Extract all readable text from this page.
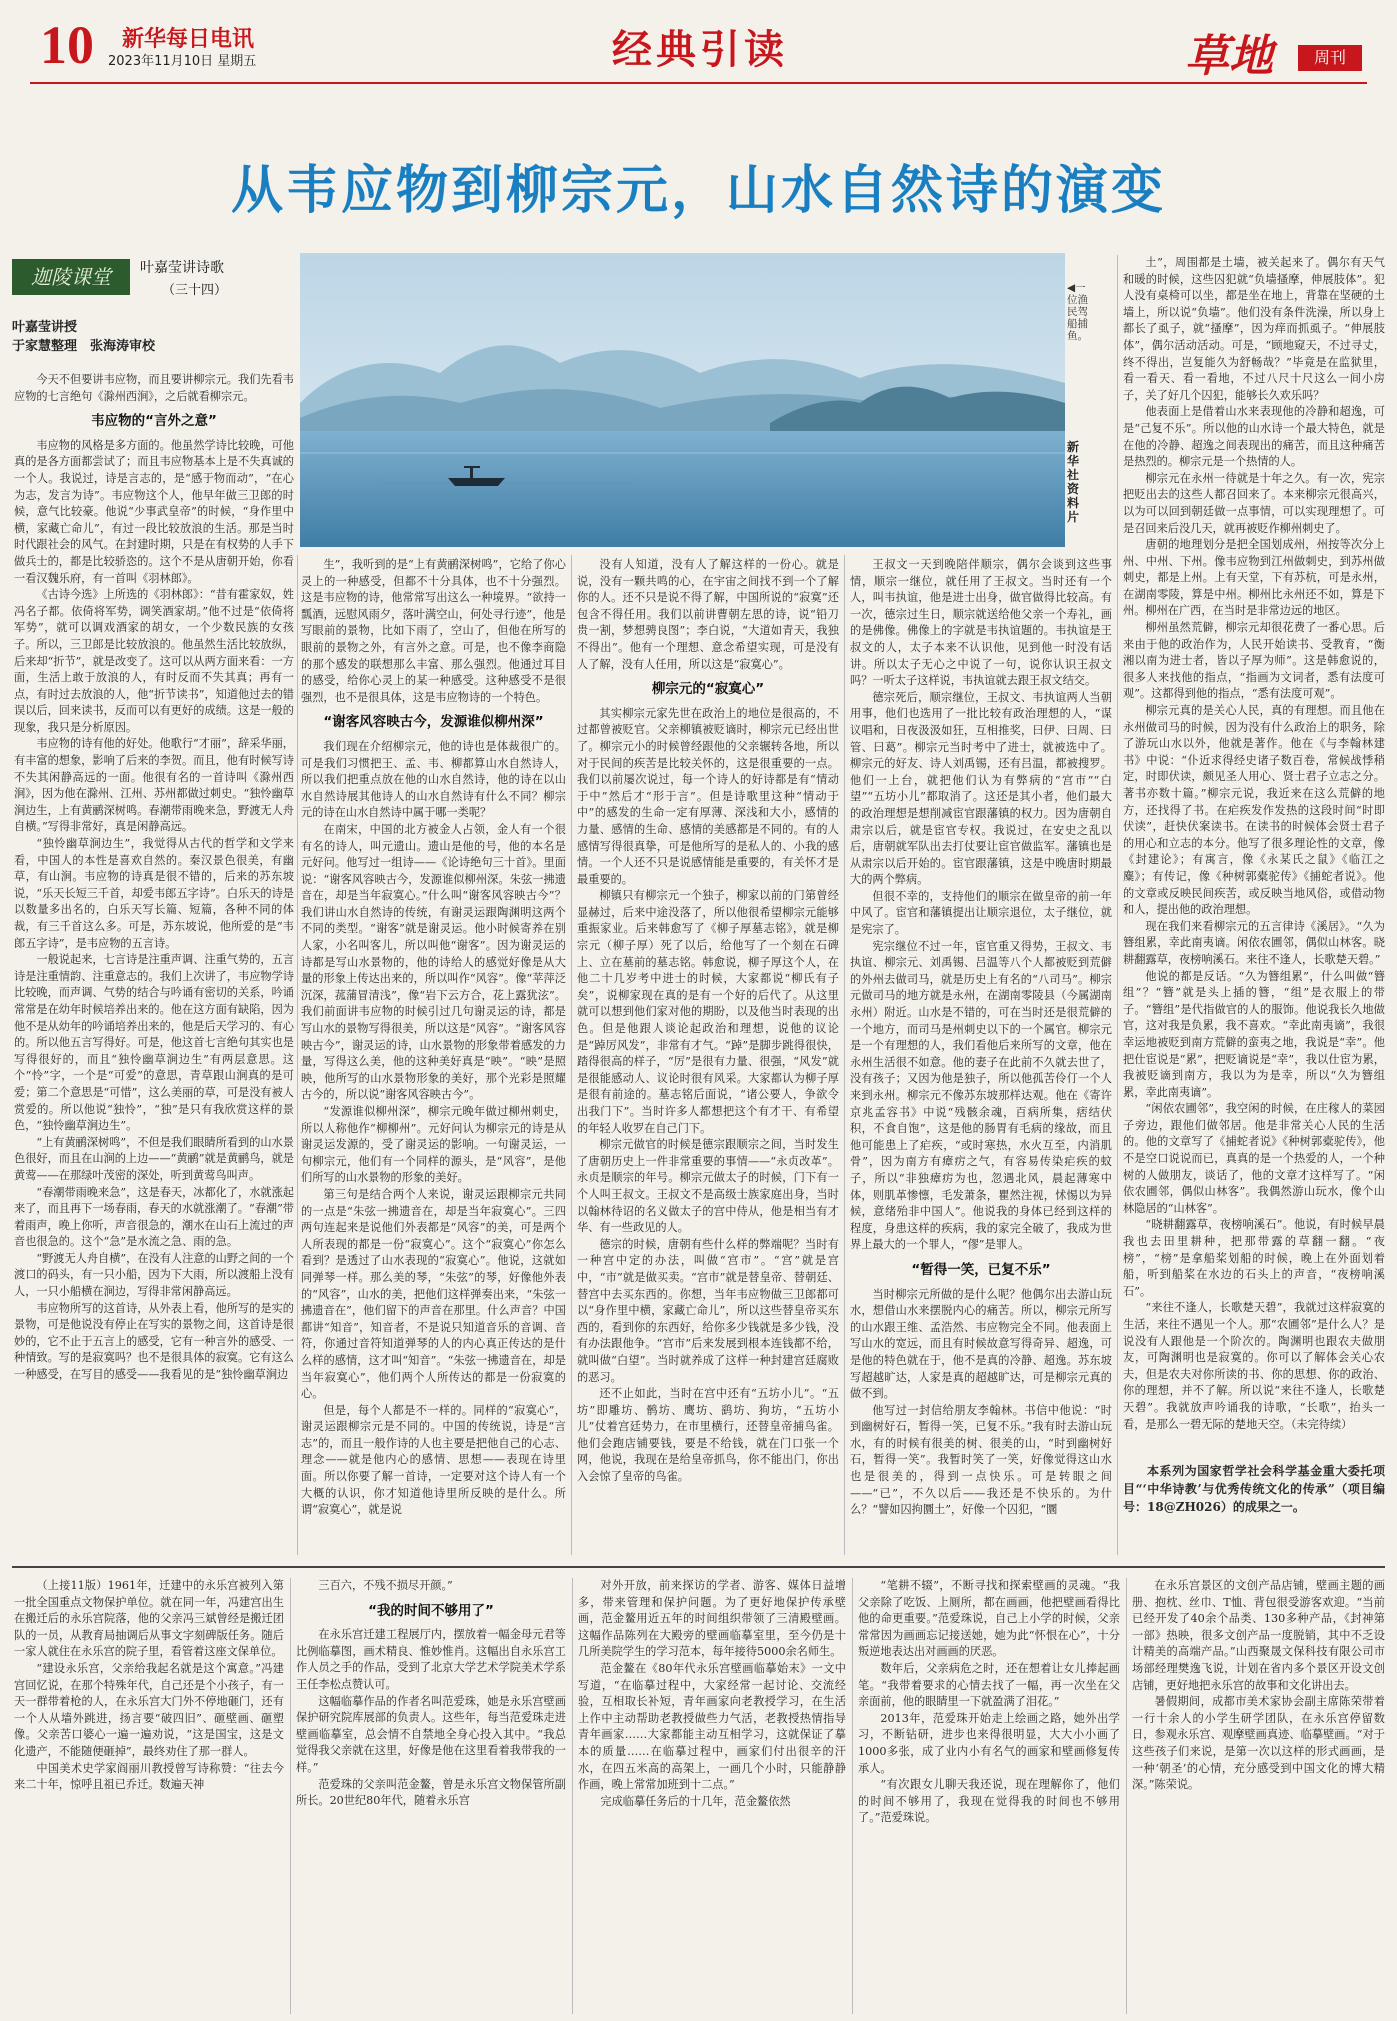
10 新华每日电讯
2023年11月10日 星期五	经典引读	草地	周刊
从韦应物到柳宗元，山水自然诗的演变
迦陵课堂	叶嘉莹讲诗歌
（三十四）
叶嘉莹讲授
于家慧整理　张海涛审校
◀一位渔民驾船捕鱼。
新华社资料片

今天不但要讲韦应物，而且要讲柳宗元。我们先看韦应物的七言绝句《滁州西涧》，之后就看柳宗元。

韦应物的“言外之意”

韦应物的风格是多方面的。他虽然学诗比较晚，可他真的是各方面都尝试了；而且韦应物基本上是不失真诚的一个人。我说过，诗是言志的，是“感于物而动”，“在心为志，发言为诗”。韦应物这个人，他早年做三卫郎的时候，意气比较豪。他说“少事武皇帝”的时候，“身作里中横，家藏亡命儿”，有过一段比较放浪的生活。那是当时时代跟社会的风气。在封建时期，只是在有权势的人手下做兵士的，都是比较骄恣的。这个不是从唐朝开始，你看一看汉魏乐府，有一首叫《羽林郎》。

《古诗今选》上所选的《羽林郎》：“昔有霍家奴，姓冯名子都。依倚将军势，调笑酒家胡。”他不过是“依倚将军势”，就可以调戏酒家的胡女，一个少数民族的女孩子。所以，三卫郎是比较放浪的。他虽然生活比较放纵，后来却“折节”，就是改变了。这可以从两方面来看：一方面，生活上敢于放浪的人，有时反而不失其真；再有一点，有时过去放浪的人，他“折节读书”，知道他过去的错误以后，回来读书，反而可以有更好的成绩。这是一般的现象，我只是分析原因。

韦应物的诗有他的好处。他歌行“才丽”，辞采华丽，有丰富的想象，影响了后来的李贺。而且，他有时候写诗不失其闲静高远的一面。他很有名的一首诗叫《滁州西涧》，因为他在滁州、江州、苏州都做过刺史。“独怜幽草涧边生，上有黄鹂深树鸣。春潮带雨晚来急，野渡无人舟自横。”写得非常好，真是闲静高远。

“独怜幽草涧边生”，我觉得从古代的哲学和文学来看，中国人的本性是喜欢自然的。秦汉景色很美，有幽草，有山涧。韦应物的诗真是很不错的，后来的苏东坡说，“乐天长短三千首，却爱韦郎五字诗”。白乐天的诗是以数量多出名的，白乐天写长篇、短篇，各种不同的体裁，有三千首这么多。可是，苏东坡说，他所爱的是“韦郎五字诗”，是韦应物的五言诗。

一般说起来，七言诗是注重声调、注重气势的，五言诗是注重情韵、注重意志的。我们上次讲了，韦应物学诗比较晚，而声调、气势的结合与吟诵有密切的关系，吟诵常常是在幼年时候培养出来的。他在这方面有缺陷，因为他不是从幼年的吟诵培养出来的，他是后天学习的、有心的。所以他五言写得好。可是，他这首七言绝句其实也是写得很好的，而且“独怜幽草涧边生”有两层意思。这个“怜”字，一个是“可爱”的意思，青草跟山涧真的是可爱；第二个意思是“可惜”，这么美丽的草，可是没有被人赏爱的。所以他说“独怜”，“独”是只有我欣赏这样的景色，“独怜幽草涧边生”。

“上有黄鹂深树鸣”，不但是我们眼睛所看到的山水景色很好，而且在山涧的上边——“黄鹂”就是黄鹂鸟，就是黄莺——在那绿叶茂密的深处，听到黄莺鸟叫声。

“春潮带雨晚来急”，这是春天，冰都化了，水就涨起来了，而且再下一场春雨，春天的水就涨潮了。“春潮”带着雨声，晚上你听，声音很急的，潮水在山石上流过的声音也很急的。这个“急”是水流之急、雨的急。

“野渡无人舟自横”，在没有人注意的山野之间的一个渡口的码头，有一只小船，因为下大雨，所以渡船上没有人，一只小船横在涧边，写得非常闲静高远。

韦应物所写的这首诗，从外表上看，他所写的是实的景物，可是他说没有停止在写实的景物之间，这首诗是很妙的，它不止于五言上的感受，它有一种言外的感受、一种情致。写的是寂寞吗？也不是很具体的寂寞。它有这么一种感受，在写目的感受——我看见的是“独怜幽草涧边

生”，我听到的是“上有黄鹂深树鸣”，它给了你心灵上的一种感受，但都不十分具体，也不十分强烈。这是韦应物的诗，他常常写出这么一种境界。“欲持一瓢酒，远慰风雨夕，落叶满空山，何处寻行迹”，他是写眼前的景物，比如下雨了，空山了，但他在所写的眼前的景物之外，有言外之意。可是，也不像李商隐的那个感发的联想那么丰富、那么强烈。他通过耳目的感受，给你心灵上的某一种感受。这种感受不是很强烈，也不是很具体，这是韦应物诗的一个特色。

“谢客风容映古今，发源谁似柳州深”

我们现在介绍柳宗元，他的诗也是体裁很广的。可是我们习惯把王、孟、韦、柳都算山水自然诗人，所以我们把重点放在他的山水自然诗，他的诗在以山水自然诗展其他诗人的山水自然诗有什么不同？柳宗元的诗在山水自然诗中属于哪一类呢？

在南宋，中国的北方被金人占领，金人有一个很有名的诗人，叫元遗山。遗山是他的号，他的本名是元好问。他写过一组诗——《论诗绝句三十首》。里面说：“谢客风容映古今，发源谁似柳州深。朱弦一拂遗音在，却是当年寂寞心。”什么叫“谢客风容映古今”？我们讲山水自然诗的传统，有谢灵运跟陶渊明这两个不同的类型。“谢客”就是谢灵运。他小时候寄养在别人家，小名叫客儿，所以叫他“谢客”。因为谢灵运的诗都是写山水景物的，他的诗给人的感觉好像是从大量的形象上传达出来的，所以叫作“风容”。像“苹萍泛沉深，菰蒲冒清浅”，像“岩下云方合，花上露犹泫”。我们前面讲韦应物的时候引过几句谢灵运的诗，都是写山水的景物写得很美，所以这是“风容”。“谢客风容映古今”，谢灵运的诗，山水景物的形象带着感发的力量，写得这么美，他的这种美好真是“映”。“映”是照映，他所写的山水景物形象的美好，那个光彩是照耀古今的，所以说“谢客风容映古今”。

“发源谁似柳州深”，柳宗元晚年做过柳州刺史，所以人称他作“柳柳州”。元好问认为柳宗元的诗是从谢灵运发源的，受了谢灵运的影响。一句谢灵运，一句柳宗元，他们有一个同样的源头，是“风容”，是他们所写的山水景物的形象的美好。

第三句是结合两个人来说，谢灵运跟柳宗元共同的一点是“朱弦一拂遗音在，却是当年寂寞心”。三四两句连起来是说他们外表都是“风容”的美，可是两个人所表现的都是一份“寂寞心”。这个“寂寞心”你怎么看到？是透过了山水表现的“寂寞心”。他说，这就如同弹琴一样。那么美的琴，“朱弦”的琴，好像他外表的“风容”，山水的美，把他们这样弹奏出来，“朱弦一拂遗音在”，他们留下的声音在那里。什么声音？中国都讲“知音”，知音者，不是说只知道音乐的音调、音符，你通过音符知道弹琴的人的内心真正传达的是什么样的感情，这才叫“知音”。“朱弦一拂遗音在，却是当年寂寞心”，他们两个人所传达的都是一份寂寞的心。

但是，每个人都是不一样的。同样的“寂寞心”，谢灵运跟柳宗元是不同的。中国的传统说，诗是“言志”的，而且一般作诗的人也主要是把他自己的心志、理念——就是他内心的感情、思想——表现在诗里面。所以你要了解一首诗，一定要对这个诗人有一个大概的认识，你才知道他诗里所反映的是什么。所谓“寂寞心”，就是说

没有人知道，没有人了解这样的一份心。就是说，没有一颗共鸣的心，在宇宙之间找不到一个了解你的人。还不只是说不得了解，中国所说的“寂寞”还包含不得任用。我们以前讲曹朝左思的诗，说“铅刀贵一割，梦想骋良图”；李白说，“大道如青天，我独不得出”。他有一个理想、意念希望实现，可是没有人了解，没有人任用，所以这是“寂寞心”。

柳宗元的“寂寞心”

其实柳宗元家先世在政治上的地位是很高的，不过都曾被贬官。父亲柳镇被贬谪时，柳宗元已经出世了。柳宗元小的时候曾经跟他的父亲辗转各地，所以对于民间的疾苦是比较关怀的，这是很重要的一点。我们以前屡次说过，每一个诗人的好诗都是有“情动于中”然后才“形于言”。但是诗歌里这种“情动于中”的感发的生命一定有厚薄、深浅和大小，感情的力量、感情的生命、感情的美感都是不同的。有的人感情写得很真挚，可是他所写的是私人的、小我的感情。一个人还不只是说感情能是重要的，有关怀才是最重要的。

柳镇只有柳宗元一个独子，柳家以前的门第曾经显赫过，后来中途没落了，所以他很希望柳宗元能够重振家业。后来韩愈写了《柳子厚墓志铭》，就是柳宗元（柳子厚）死了以后，给他写了一个刻在石碑上、立在墓前的墓志铭。韩愈说，柳子厚这个人，在他二十几岁考中进士的时候，大家都说“柳氏有子矣”，说柳家现在真的是有一个好的后代了。从这里就可以想到他们家对他的期盼，以及他当时表现的出色。但是他跟人谈论起政治和理想，说他的议论是“踔厉风发”，非常有才气。“踔”是脚步跳得很快，踏得很高的样子，“厉”是很有力量、很强，“风发”就是很能感动人、议论时很有风采。大家都认为柳子厚是很有前途的。墓志铭后面说，“诸公要人，争欲令出我门下”。当时许多人都想把这个有才干、有希望的年轻人收罗在自己门下。

柳宗元做官的时候是德宗跟顺宗之间，当时发生了唐朝历史上一件非常重要的事情——“永贞改革”。永贞是顺宗的年号。柳宗元做太子的时候，门下有一个人叫王叔文。王叔文不是高级士族家庭出身，当时以翰林待诏的名义做太子的宫中侍从，他是相当有才华、有一些政见的人。

德宗的时候，唐朝有些什么样的弊端呢？当时有一种宫中定的办法，叫做“宫市”。“宫”就是宫中，“市”就是做买卖。“宫市”就是替皇帝、替朝廷、替宫中去买东西的。你想，当年韦应物做三卫郎都可以“身作里中横，家藏亡命儿”，所以这些替皇帝买东西的，看到你的东西好，给你多少钱就是多少钱，没有办法跟他争。“宫市”后来发展到根本连钱都不给，就叫做“白望”。当时就养成了这样一种封建宫廷腐败的恶习。

还不止如此，当时在宫中还有“五坊小儿”。“五坊”即雕坊、鹘坊、鹰坊、鹞坊、狗坊，“五坊小儿”仗着宫廷势力，在市里横行，还替皇帝捕鸟雀。他们会跑店铺要钱，要是不给钱，就在门口张一个网，他说，我现在是给皇帝抓鸟，你不能出门，你出入会惊了皇帝的鸟雀。

王叔文一天到晚陪伴顺宗，偶尔会谈到这些事情，顺宗一继位，就任用了王叔文。当时还有一个人，叫韦执谊，他是进士出身，做官做得比较高。有一次，德宗过生日，顺宗就送给他父亲一个寿礼，画的是佛像。佛像上的字就是韦执谊题的。韦执谊是王叔文的人，太子本来不认识他，见到他一时没有话讲。所以太子无心之中说了一句，说你认识王叔文吗？一听太子这样说，韦执谊就去跟王叔文结交。

德宗死后，顺宗继位，王叔文、韦执谊两人当朝用事，他们也选用了一批比较有政治理想的人，“谋议唱和，日夜汲汲如狂，互相推奖，曰伊、曰周、曰管、曰葛”。柳宗元当时考中了进士，就被选中了。柳宗元的好友、诗人刘禹锡，还有吕温，都被搜罗。他们一上台，就把他们认为有弊病的“宫市”“白望”“五坊小儿”都取消了。这还是其小者，他们最大的政治理想是想削减宦官跟藩镇的权力。因为唐朝自肃宗以后，就是宦官专权。我说过，在安史之乱以后，唐朝就军队出去打仗要让宦官做监军。藩镇也是从肃宗以后开始的。宦官跟藩镇，这是中晚唐时期最大的两个弊病。

但很不幸的，支持他们的顺宗在做皇帝的前一年中风了。宦官和藩镇提出让顺宗退位，太子继位，就是宪宗了。

宪宗继位不过一年，宦官重又得势，王叔文、韦执谊、柳宗元、刘禹锡、吕温等八个人都被贬到荒僻的外州去做司马，就是历史上有名的“八司马”。柳宗元做司马的地方就是永州，在湖南零陵县（今属湖南永州）附近。山水是不错的，可在当时还是很荒僻的一个地方，而司马是州刺史以下的一个属官。柳宗元是一个有理想的人，我们看他后来所写的文章，他在永州生活很不如意。他的妻子在此前不久就去世了，没有孩子；又因为他是独子，所以他孤苦伶仃一个人来到永州。柳宗元不像苏东坡那样达观。他在《寄许京兆孟容书》中说“残骸余魂，百病所集，痞结伏积，不食自饱”，这是他的肠胃有毛病的缘故，而且他可能患上了疟疾，“或时寒热，水火互至，内消肌骨”，因为南方有瘴疠之气，有容易传染疟疾的蚊子，所以“非独瘴疠为也，忽遇北风，晨起薄寒中体，则肌革惨懔，毛发萧条，瞿然注视，怵惕以为异候，意绪殆非中国人”。他说我的身体已经到这样的程度，身患这样的疾病，我的家完全破了，我成为世界上最大的一个罪人，“僇”是罪人。

“暂得一笑，已复不乐”

当时柳宗元所做的是什么呢？他偶尔出去游山玩水，想借山水来摆脱内心的痛苦。所以，柳宗元所写的山水跟王维、孟浩然、韦应物完全不同。他表面上写山水的宽远，而且有时候故意写得奇异、超逸，可是他的特色就在于，他不是真的冷静、超逸。苏东坡写超越旷达，人家是真的超越旷达，可是柳宗元真的做不到。

他写过一封信给朋友李翰林。书信中他说：“时到幽树好石，暂得一笑，已复不乐。”我有时去游山玩水，有的时候有很美的树、很美的山，“时到幽树好石，暂得一笑”。我暂时笑了一笑，好像觉得这山水也是很美的，得到一点快乐。可是转眼之间——“已”，不久以后——我还是不快乐的。为什么？“譬如囚拘圜土”，好像一个囚犯，“圜

土”，周围都是土墙，被关起来了。偶尔有天气和暖的时候，这些囚犯就“负墙搔摩，伸展肢体”。犯人没有桌椅可以坐，都是坐在地上，背靠在坚硬的土墙上，所以说“负墙”。他们没有条件洗澡，所以身上都长了虱子，就“搔摩”，因为痒而抓虱子。“伸展肢体”，偶尔活动活动。可是，“顾地窥天，不过寻丈，终不得出，岂复能久为舒畅哉？”毕竟是在监狱里，看一看天、看一看地，不过八尺十尺这么一间小房子，关了好几个囚犯，能够长久欢乐吗？

他表面上是借着山水来表现他的冷静和超逸，可是“己复不乐”。所以他的山水诗一个最大特色，就是在他的冷静、超逸之间表现出的痛苦，而且这种痛苦是热烈的。柳宗元是一个热情的人。

柳宗元在永州一待就是十年之久。有一次，宪宗把贬出去的这些人都召回来了。本来柳宗元很高兴，以为可以回到朝廷做一点事情，可以实现理想了。可是召回来后没几天，就再被贬作柳州刺史了。

唐朝的地理划分是把全国划成州，州按等次分上州、中州、下州。像韦应物到江州做刺史，到苏州做刺史，都是上州。上有天堂，下有苏杭，可是永州，在湖南零陵，算是中州。柳州比永州还不如，算是下州。柳州在广西，在当时是非常边远的地区。

柳州虽然荒僻，柳宗元却很花费了一番心思。后来由于他的政治作为，人民开始读书、受教育，“衡湘以南为进士者，皆以子厚为师”。这是韩愈说的，很多人来找他的指点，“指画为文词者，悉有法度可观”。这都得到他的指点，“悉有法度可观”。

柳宗元真的是关心人民，真的有理想。而且他在永州做司马的时候，因为没有什么政治上的职务，除了游玩山水以外，他就是著作。他在《与李翰林建书》中说：“仆近求得经史诸子数百卷，常候战悸稍定，时即伏读，颇见圣人用心、贤士君子立志之分。著书亦数十篇。”柳宗元说，我近来在这么荒僻的地方，还找得了书。在疟疾发作发热的这段时间“时即伏读”，赶快伏案读书。在读书的时候体会贤士君子的用心和立志的本分。他写了很多理论性的文章，像《封建论》；有寓言，像《永某氏之鼠》《临江之麋》；有传记，像《种树郭橐驼传》《捕蛇者说》。他的文章或反映民间疾苦，或反映当地风俗，或借动物和人，提出他的政治理想。

现在我们来看柳宗元的五言律诗《溪居》。“久为簪组累，幸此南夷谪。闲依农圃邻，偶似山林客。晓耕翻露草，夜榜响溪石。来往不逢人，长歌楚天碧。”

他说的都是反话。“久为簪组累”，什么叫做“簪组”？“簪”就是头上插的簪，“组”是衣服上的带子。“簪组”是代指做官的人的服饰。他说我长久地做官，这对我是负累，我不喜欢。“幸此南夷谪”，我很幸运地被贬到南方荒僻的蛮夷之地，我说是“幸”。他把仕宦说是“累”，把贬谪说是“幸”，我以仕宦为累，我被贬谪到南方，我以为为是幸，所以“久为簪组累，幸此南夷谪”。

“闲依农圃邻”，我空闲的时候，在庄稼人的菜园子旁边，跟他们做邻居。他是非常关心人民的生活的。他的文章写了《捕蛇者说》《种树郭橐驼传》，他不是空口说说而已，真真的是一个热爱的人，一个种树的人做朋友，谈话了，他的文章才这样写了。“闲依农圃邻，偶似山林客”。我偶然游山玩水，像个山林隐居的“山林客”。

“晓耕翻露草，夜榜响溪石”。他说，有时候早晨我也去田里耕种，把那带露的草翻一翻。“夜榜”，“榜”是拿船桨划船的时候，晚上在外面划着船，听到船桨在水边的石头上的声音，“夜榜响溪石”。

“来往不逢人，长歌楚天碧”，我就过这样寂寞的生活，来往不遇见一个人。那“农圃邻”是什么人？是说没有人跟他是一个阶次的。陶渊明也跟农夫做朋友，可陶渊明也是寂寞的。你可以了解体会关心农夫，但是农夫对你所读的书、你的思想、你的政治、你的理想，并不了解。所以说“来往不逢人，长歌楚天碧”。我就放声吟诵我的诗歌，“长歌”，抬头一看，是那么一碧无际的楚地天空。（未完待续）

本系列为国家哲学社会科学基金重大委托项目“‘中华诗教’与优秀传统文化的传承”（项目编号：18@ZH026）的成果之一。

（上接11版）1961年，迁建中的永乐宫被列入第一批全国重点文物保护单位。就在同一年，冯建宫出生在搬迁后的永乐宫院落，他的父亲冯三斌曾经是搬迁团队的一员，从教育局抽调后从事文字刻碑版任务。随后一家人就住在永乐宫的院子里，看管着这座文保单位。

“建设永乐宫，父亲给我起名就是这个寓意。”冯建宫回忆说，在那个特殊年代，自己还是个小孩子，有一天一群带着枪的人，在永乐宫大门外不停地砸门，还有一个人从墙外跳进，扬言要“破四旧”、砸壁画、砸塑像。父亲苦口婆心一遍一遍劝说，“这是国宝，这是文化遗产，不能随便砸掉”，最终劝住了那一群人。

中国美术史学家阎丽川教授曾写诗称赞：“往去今来二十年，惊呼且祖已乔迁。数遍天神

三百六，不残不损尽开颜。”

“我的时间不够用了”

在永乐宫迁建工程展厅内，摆放着一幅金母元君等比例临摹图，画术精良、惟妙惟肖。这幅出自永乐宫工作人员之手的作品，受到了北京大学艺术学院美术学系王任李松点赞认可。

这幅临摹作品的作者名叫范爱珠，她是永乐宫壁画保护研究院库展部的负责人。这些年，每当范爱珠走进壁画临摹室，总会情不自禁地全身心投入其中。“我总觉得我父亲就在这里，好像是他在这里看着我带我的一样。”

范爱珠的父亲叫范金鳌，曾是永乐宫文物保管所副所长。20世纪80年代，随着永乐宫

对外开放，前来探访的学者、游客、媒体日益增多，带来管理和保护问题。为了更好地保护传承壁画，范金鳌用近五年的时间组织带领了三清殿壁画。这幅作品陈列在大殿旁的壁画临摹室里，至今仍是十几所美院学生的学习范本，每年接待5000余名师生。

范金鳌在《80年代永乐宫壁画临摹始末》一文中写道，“在临摹过程中，大家经常一起讨论、交流经验，互相取长补短，青年画家向老教授学习，在生活上作中主动帮助老教授做些力气活，老教授热情指导青年画家……大家都能主动互相学习，这就保证了摹本的质量……在临摹过程中，画家们付出很辛的汗水，在四五米高的高架上，一画几个小时，只能静静作画，晚上常常加班到十二点。”

完成临摹任务后的十几年，范金鳌依然

“笔耕不辍”，不断寻找和探索壁画的灵魂。“我父亲除了吃饭、上厕所，都在画画，他把壁画看得比他的命更重要。”范爱珠说，自己上小学的时候，父亲常常因为画画忘记接送她，她为此“怀恨在心”，十分叛逆地表达出对画画的厌恶。

数年后，父亲病危之时，还在想着让女儿捧起画笔。“我带着要求的心情去找了一幅，再一次坐在父亲面前，他的眼睛里一下就盈满了泪花。”

2013年，范爱珠开始走上绘画之路，她外出学习，不断钻研，进步也来得很明显，大大小小画了1000多张，成了业内小有名气的画家和壁画修复传承人。

“有次跟女儿聊天我还说，现在理解你了，他们的时间不够用了，我现在觉得我的时间也不够用了。”范爱珠说。

在永乐宫景区的文创产品店铺，壁画主题的画册、抱枕、丝巾、T恤、背包很受游客欢迎。“当前已经开发了40余个品类、130多种产品，《封神第一部》热映，很多文创产品一度脱销，其中不乏设计精美的高端产品。”山西聚晟文保科技有限公司市场部经理樊逸飞说，计划在省内多个景区开设文创店铺，更好地把永乐宫的故事和文化讲出去。

暑假期间，成都市美术家协会副主席陈荣带着一行十余人的小学生研学团队，在永乐宫停留数日，参观永乐宫、观摩壁画真迹、临摹壁画。“对于这些孩子们来说，是第一次以这样的形式画画，是一种‘朝圣’的心情，充分感受到中国文化的博大精深。”陈荣说。
